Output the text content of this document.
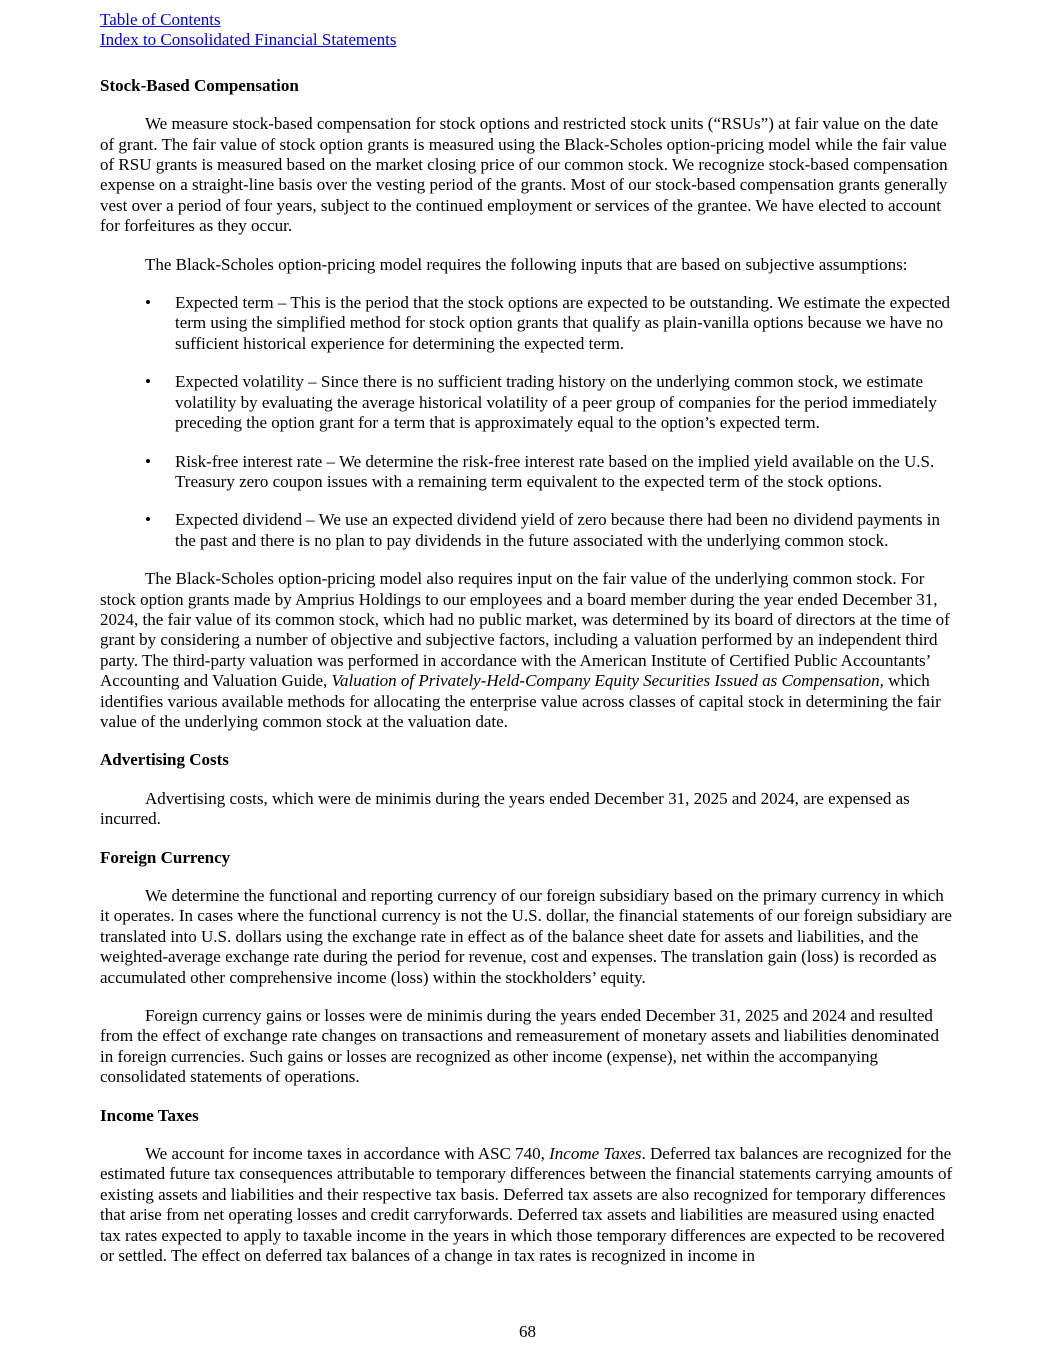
Table of Contents
Index to Consolidated Financial Statements
Stock-Based Compensation

We measure stock-based compensation for stock options and restricted stock units (“RSUs”) at fair value on the date of grant. The fair value of stock option grants is measured using the Black-Scholes option-pricing model while the fair value of RSU grants is measured based on the market closing price of our common stock. We recognize stock-based compensation expense on a straight-line basis over the vesting period of the grants. Most of our stock-based compensation grants generally vest over a period of four years, subject to the continued employment or services of the grantee. We have elected to account for forfeitures as they occur.

The Black-Scholes option-pricing model requires the following inputs that are based on subjective assumptions:

• Expected term – This is the period that the stock options are expected to be outstanding. We estimate the expected term using the simplified method for stock option grants that qualify as plain-vanilla options because we have no sufficient historical experience for determining the expected term.
• Expected volatility – Since there is no sufficient trading history on the underlying common stock, we estimate volatility by evaluating the average historical volatility of a peer group of companies for the period immediately preceding the option grant for a term that is approximately equal to the option’s expected term.
• Risk-free interest rate – We determine the risk-free interest rate based on the implied yield available on the U.S. Treasury zero coupon issues with a remaining term equivalent to the expected term of the stock options.
• Expected dividend – We use an expected dividend yield of zero because there had been no dividend payments in the past and there is no plan to pay dividends in the future associated with the underlying common stock.

The Black-Scholes option-pricing model also requires input on the fair value of the underlying common stock. For stock option grants made by Amprius Holdings to our employees and a board member during the year ended December 31, 2024, the fair value of its common stock, which had no public market, was determined by its board of directors at the time of grant by considering a number of objective and subjective factors, including a valuation performed by an independent third party. The third-party valuation was performed in accordance with the American Institute of Certified Public Accountants’ Accounting and Valuation Guide, Valuation of Privately-Held-Company Equity Securities Issued as Compensation, which identifies various available methods for allocating the enterprise value across classes of capital stock in determining the fair value of the underlying common stock at the valuation date.

Advertising Costs

Advertising costs, which were de minimis during the years ended December 31, 2025 and 2024, are expensed as incurred.

Foreign Currency

We determine the functional and reporting currency of our foreign subsidiary based on the primary currency in which it operates. In cases where the functional currency is not the U.S. dollar, the financial statements of our foreign subsidiary are translated into U.S. dollars using the exchange rate in effect as of the balance sheet date for assets and liabilities, and the weighted-average exchange rate during the period for revenue, cost and expenses. The translation gain (loss) is recorded as accumulated other comprehensive income (loss) within the stockholders’ equity.

Foreign currency gains or losses were de minimis during the years ended December 31, 2025 and 2024 and resulted from the effect of exchange rate changes on transactions and remeasurement of monetary assets and liabilities denominated in foreign currencies. Such gains or losses are recognized as other income (expense), net within the accompanying consolidated statements of operations.

Income Taxes

We account for income taxes in accordance with ASC 740, Income Taxes. Deferred tax balances are recognized for the estimated future tax consequences attributable to temporary differences between the financial statements carrying amounts of existing assets and liabilities and their respective tax basis. Deferred tax assets are also recognized for temporary differences that arise from net operating losses and credit carryforwards. Deferred tax assets and liabilities are measured using enacted tax rates expected to apply to taxable income in the years in which those temporary differences are expected to be recovered or settled. The effect on deferred tax balances of a change in tax rates is recognized in income in

68
